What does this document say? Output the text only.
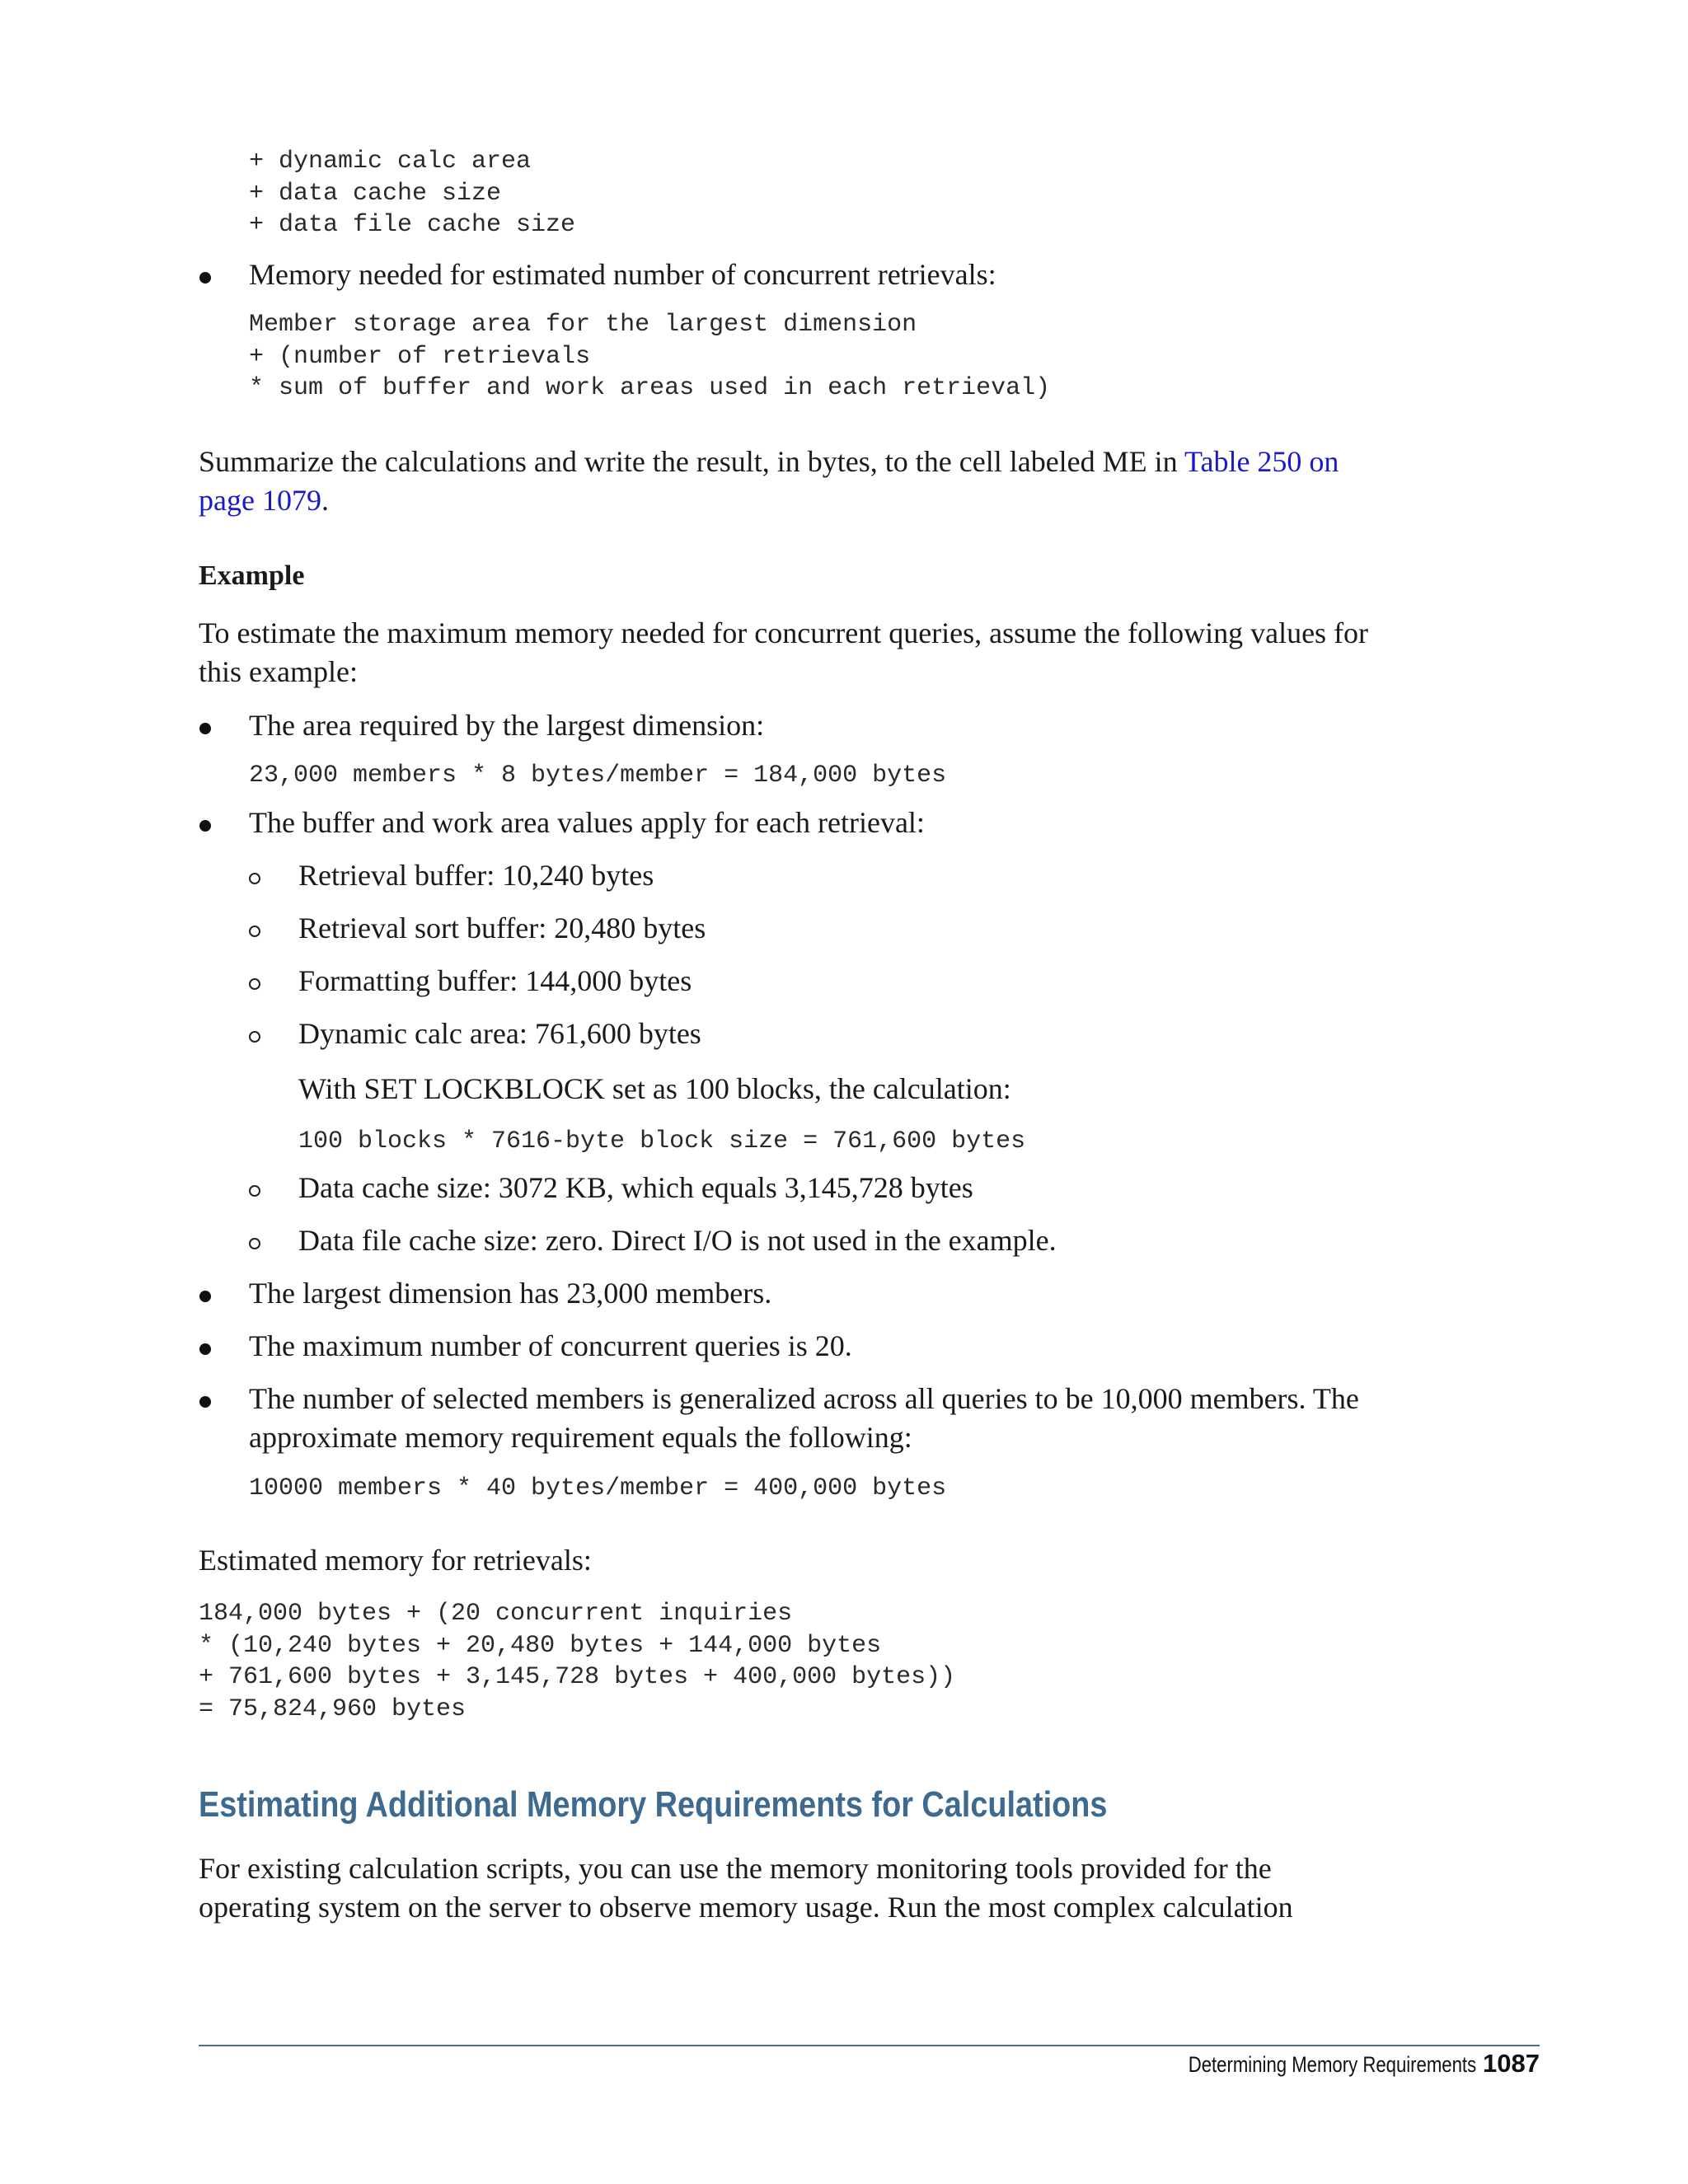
+ dynamic calc area
+ data cache size
+ data file cache size
Memory needed for estimated number of concurrent retrievals:
Member storage area for the largest dimension
+ (number of retrievals
* sum of buffer and work areas used in each retrieval)
Summarize the calculations and write the result, in bytes, to the cell labeled ME in Table 250 on page 1079.
Example
To estimate the maximum memory needed for concurrent queries, assume the following values for this example:
The area required by the largest dimension:
23,000 members * 8 bytes/member = 184,000 bytes
The buffer and work area values apply for each retrieval:
Retrieval buffer: 10,240 bytes
Retrieval sort buffer: 20,480 bytes
Formatting buffer: 144,000 bytes
Dynamic calc area: 761,600 bytes
With SET LOCKBLOCK set as 100 blocks, the calculation:
100 blocks * 7616-byte block size = 761,600 bytes
Data cache size: 3072 KB, which equals 3,145,728 bytes
Data file cache size: zero. Direct I/O is not used in the example.
The largest dimension has 23,000 members.
The maximum number of concurrent queries is 20.
The number of selected members is generalized across all queries to be 10,000 members. The approximate memory requirement equals the following:
10000 members * 40 bytes/member = 400,000 bytes
Estimated memory for retrievals:
184,000 bytes + (20 concurrent inquiries
* (10,240 bytes + 20,480 bytes + 144,000 bytes
+ 761,600 bytes + 3,145,728 bytes + 400,000 bytes))
= 75,824,960 bytes
Estimating Additional Memory Requirements for Calculations
For existing calculation scripts, you can use the memory monitoring tools provided for the operating system on the server to observe memory usage. Run the most complex calculation
Determining Memory Requirements 1087
